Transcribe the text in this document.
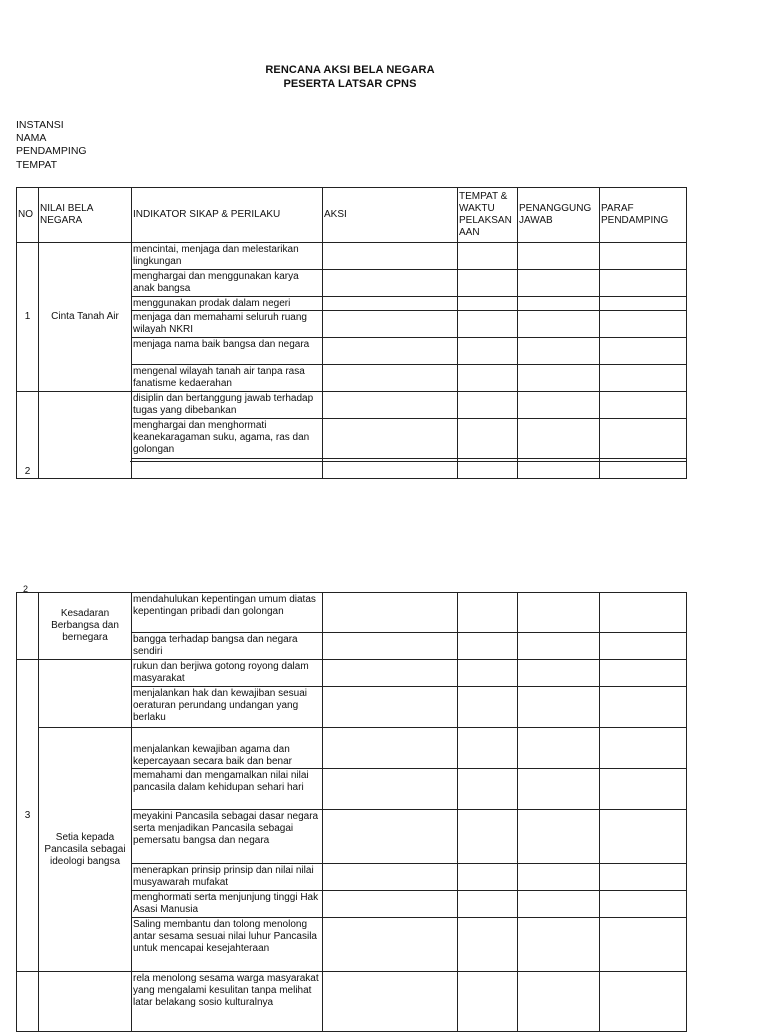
RENCANA AKSI BELA NEGARA
PESERTA LATSAR CPNS
INSTANSI
NAMA
PENDAMPING
TEMPAT
NO	NILAI BELA NEGARA	INDIKATOR SIKAP & PERILAKU	AKSI	TEMPAT & WAKTU PELAKSAN AAN	PENANGGUNG JAWAB	PARAF PENDAMPING
1	Cinta Tanah Air	mencintai, menjaga dan melestarikan lingkungan				
		menghargai dan menggunakan karya anak bangsa				
		menggunakan prodak dalam negeri				
		menjaga dan memahami seluruh ruang wilayah NKRI				
		menjaga nama baik bangsa dan negara				
		mengenal wilayah tanah air tanpa rasa fanatisme kedaerahan				
2		disiplin dan bertanggung jawab terhadap tugas yang dibebankan				
		menghargai dan menghormati keanekaragaman suku, agama, ras dan golongan				

	Kesadaran Berbangsa dan bernegara	mendahulukan kepentingan umum diatas kepentingan pribadi dan golongan				
		bangga terhadap bangsa dan negara sendiri				
3		rukun dan berjiwa gotong royong dalam masyarakat				
		menjalankan hak dan kewajiban sesuai oeraturan perundang undangan yang berlaku				
	Setia kepada Pancasila sebagai ideologi bangsa	menjalankan kewajiban agama dan kepercayaan secara baik dan benar				
		memahami dan mengamalkan nilai nilai pancasila dalam kehidupan sehari hari				
		meyakini Pancasila sebagai dasar negara serta menjadikan Pancasila sebagai pemersatu bangsa dan negara				
		menerapkan prinsip prinsip dan nilai nilai musyawarah mufakat				
		menghormati serta menjunjung tinggi Hak Asasi Manusia				
		Saling membantu dan tolong menolong antar sesama sesuai nilai luhur Pancasila untuk mencapai kesejahteraan				
		rela menolong sesama warga masyarakat yang mengalami kesulitan tanpa melihat latar belakang sosio kulturalnya				
2
